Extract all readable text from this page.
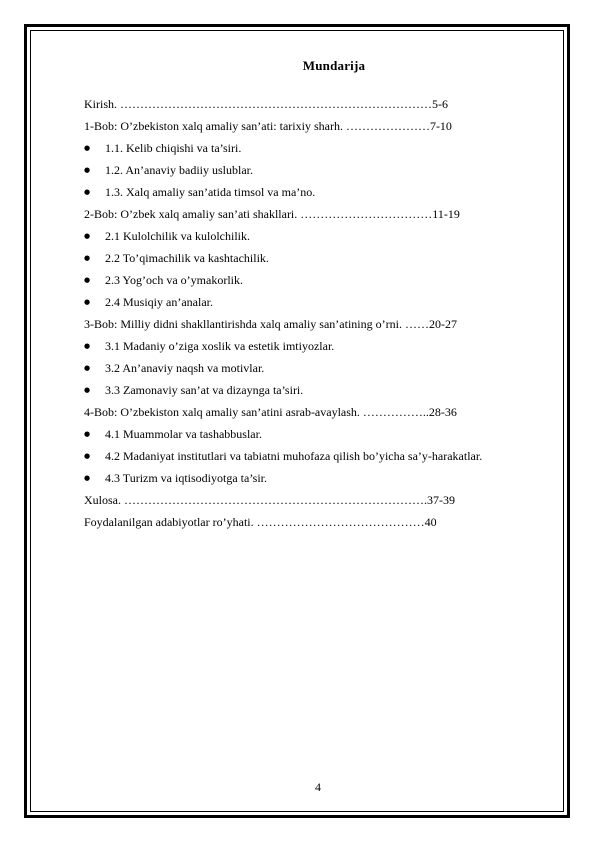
Mundarija
Kirish. ……………………………………………………………………5-6
1-Bob: O’zbekiston xalq amaliy san’ati: tarixiy sharh. …………………7-10
● 1.1. Kelib chiqishi va ta’siri.
● 1.2. An’anaviy badiiy uslublar.
● 1.3. Xalq amaliy san’atida timsol va ma’no.
2-Bob: O’zbek xalq amaliy san’ati shakllari. ……………………………11-19
● 2.1 Kulolchilik va kulolchilik.
● 2.2 To’qimachilik va kashtachilik.
● 2.3 Yog’och va o’ymakorlik.
● 2.4 Musiqiy an’analar.
3-Bob: Milliy didni shakllantirishda xalq amaliy san’atining o’rni. ……20-27
● 3.1 Madaniy o’ziga xoslik va estetik imtiyozlar.
● 3.2 An’anaviy naqsh va motivlar.
● 3.3 Zamonaviy san’at va dizaynga ta’siri.
4-Bob: O’zbekiston xalq amaliy san’atini asrab-avaylash. ……………..28-36
● 4.1 Muammolar va tashabbuslar.
● 4.2 Madaniyat institutlari va tabiatni muhofaza qilish bo’yicha sa’y-harakatlar.
● 4.3 Turizm va iqtisodiyotga ta’sir.
Xulosa. ………………………………………………………………….37-39
Foydalanilgan adabiyotlar ro’yhati. ……………………………………40
4
